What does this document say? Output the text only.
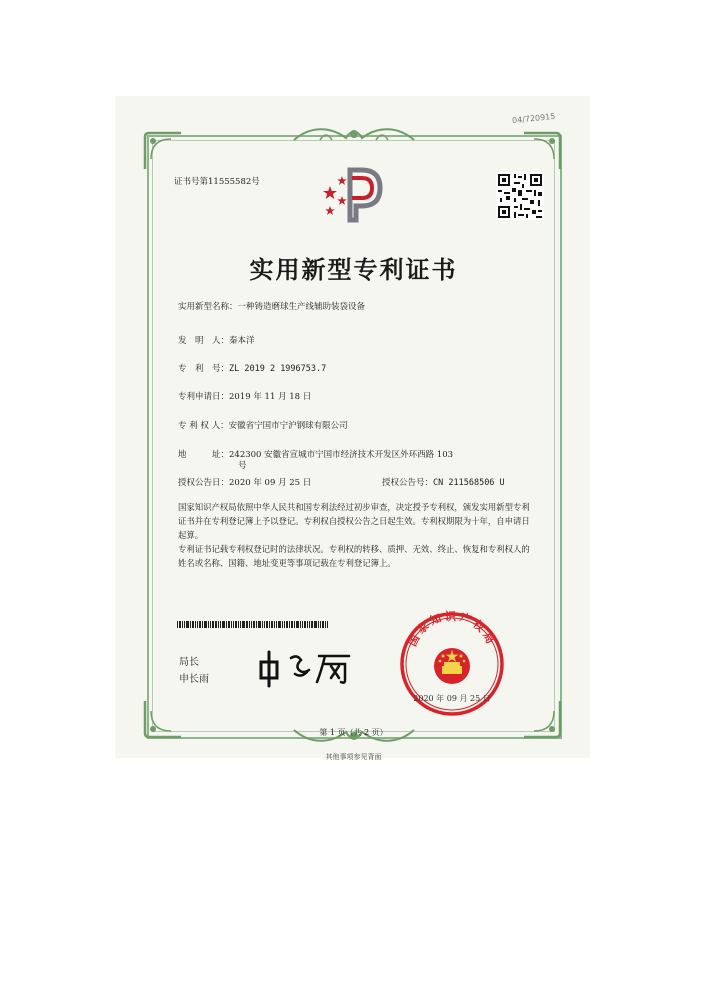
04/720915
证书号第11555582号
实用新型专利证书
实用新型名称：一种铸造磨球生产线辅助装袋设备
发　明　人：秦本洋
专　利　号：ZL 2019 2 1996753.7
专利申请日：2019 年 11 月 18 日
专 利 权 人：安徽省宁国市宁沪钢球有限公司
地　　　址：242300 安徽省宣城市宁国市经济技术开发区外环西路 103
号
授权公告日：2020 年 09 月 25 日	授权公告号：CN 211568506 U
国家知识产权局依照中华人民共和国专利法经过初步审查，决定授予专利权，颁发实用新型专利证书并在专利登记簿上予以登记。专利权自授权公告之日起生效。专利权期限为十年，自申请日起算。
专利证书记载专利权登记时的法律状况。专利权的转移、质押、无效、终止、恢复和专利权人的姓名或名称、国籍、地址变更等事项记载在专利登记簿上。
局长
申长雨
国家知识产权局
2020 年 09 月 25 日
第 1 页（共 2 页）
其他事项参见背面
